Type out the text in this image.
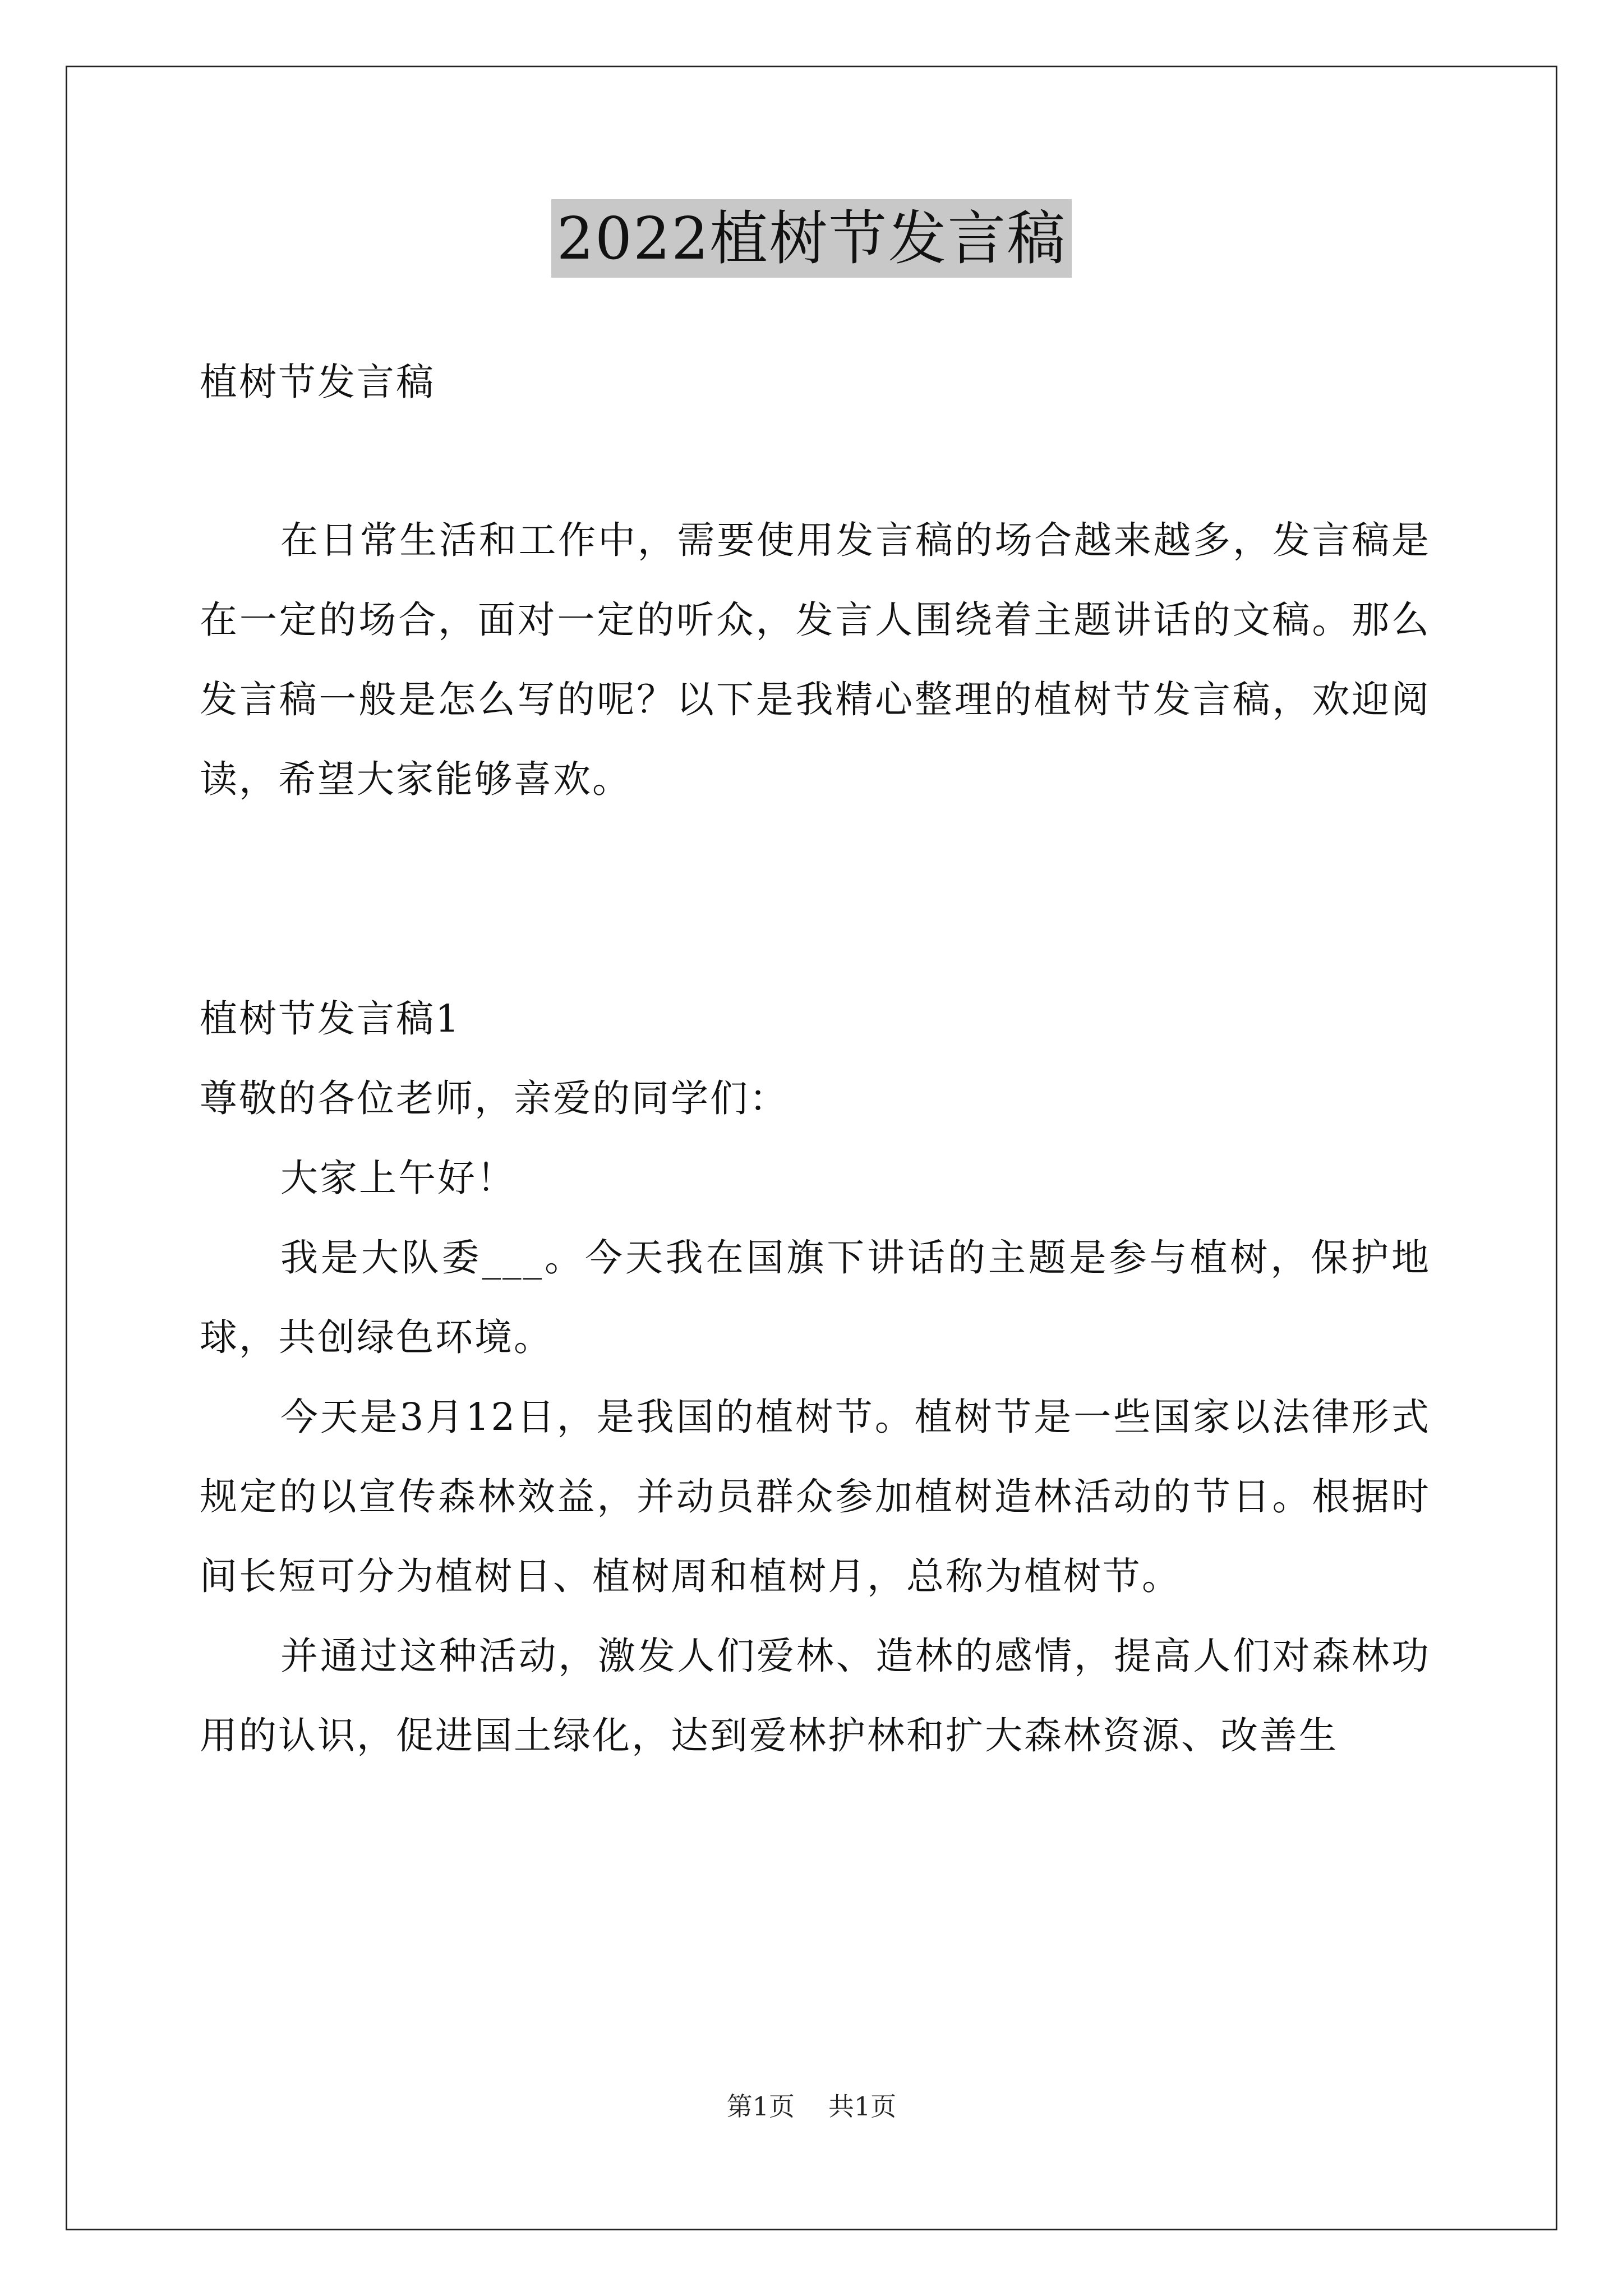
2022植树节发言稿

植树节发言稿

在日常生活和工作中，需要使用发言稿的场合越来越多，发言稿是在一定的场合，面对一定的听众，发言人围绕着主题讲话的文稿。那么发言稿一般是怎么写的呢？以下是我精心整理的植树节发言稿，欢迎阅读，希望大家能够喜欢。

植树节发言稿1

尊敬的各位老师，亲爱的同学们：

大家上午好！

我是大队委___。今天我在国旗下讲话的主题是参与植树，保护地球，共创绿色环境。

今天是3月12日，是我国的植树节。植树节是一些国家以法律形式规定的以宣传森林效益，并动员群众参加植树造林活动的节日。根据时间长短可分为植树日、植树周和植树月，总称为植树节。

并通过这种活动，激发人们爱林、造林的感情，提高人们对森林功用的认识，促进国土绿化，达到爱林护林和扩大森林资源、改善生

第1页 共1页
